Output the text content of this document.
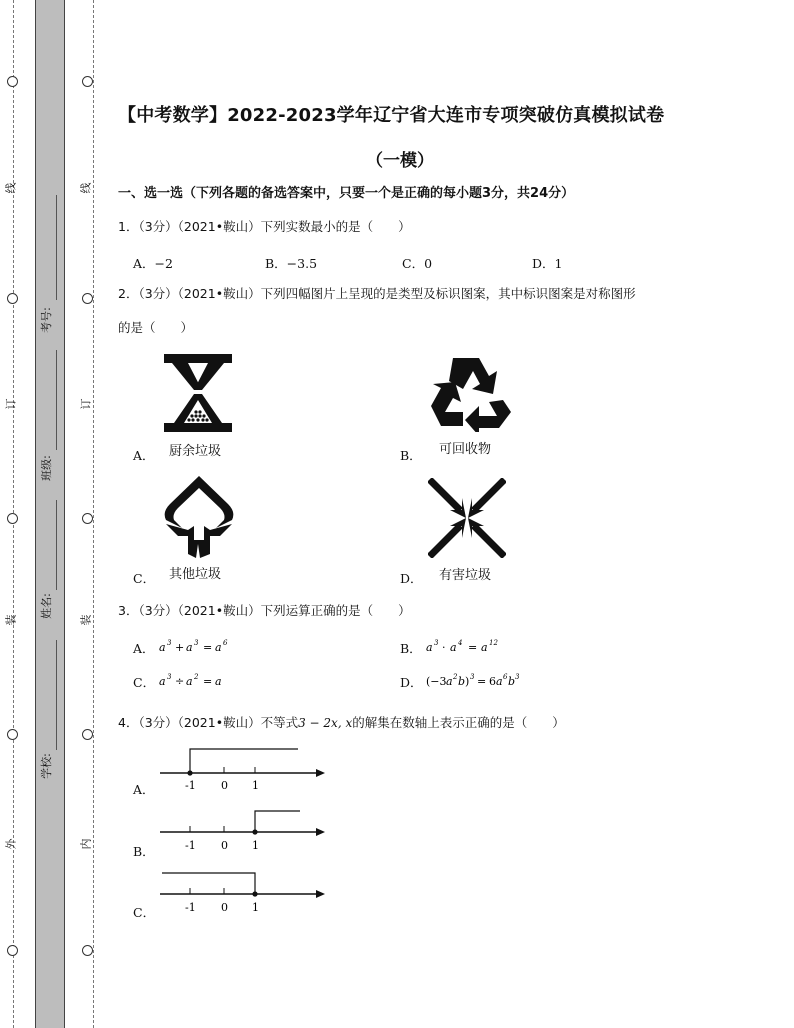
线
订
装
外
线
订
装
内
考号:
班级:
姓名:
学校:
【中考数学】2022-2023学年辽宁省大连市专项突破仿真模拟试卷
（一模）
一、选一选（下列各题的备选答案中，只要一个是正确的每小题3分，共24分）
1．（3分）（2021•鞍山）下列实数最小的是（　　）
A．−2	B．−3.5	C．0	D．1
2．（3分）（2021•鞍山）下列四幅图片上呈现的是类型及标识图案，其中标识图案是对称图形
的是（　　）
A． 厨余垃圾	B． 可回收物
C． 其他垃圾	D． 有害垃圾
3．（3分）（2021•鞍山）下列运算正确的是（　　）
A． a 3 + a 3 = a 6	B． a 3 · a 4 = a 12
C． a 3 ÷ a 2 = a	D． (−3 a 2 b ) 3 = 6 a 6 b 3
4．（3分）（2021•鞍山）不等式3 − 2x, x的解集在数轴上表示正确的是（　　）
A．	-1 0 1
B．	-1 0 1
C．	-1 0 1
